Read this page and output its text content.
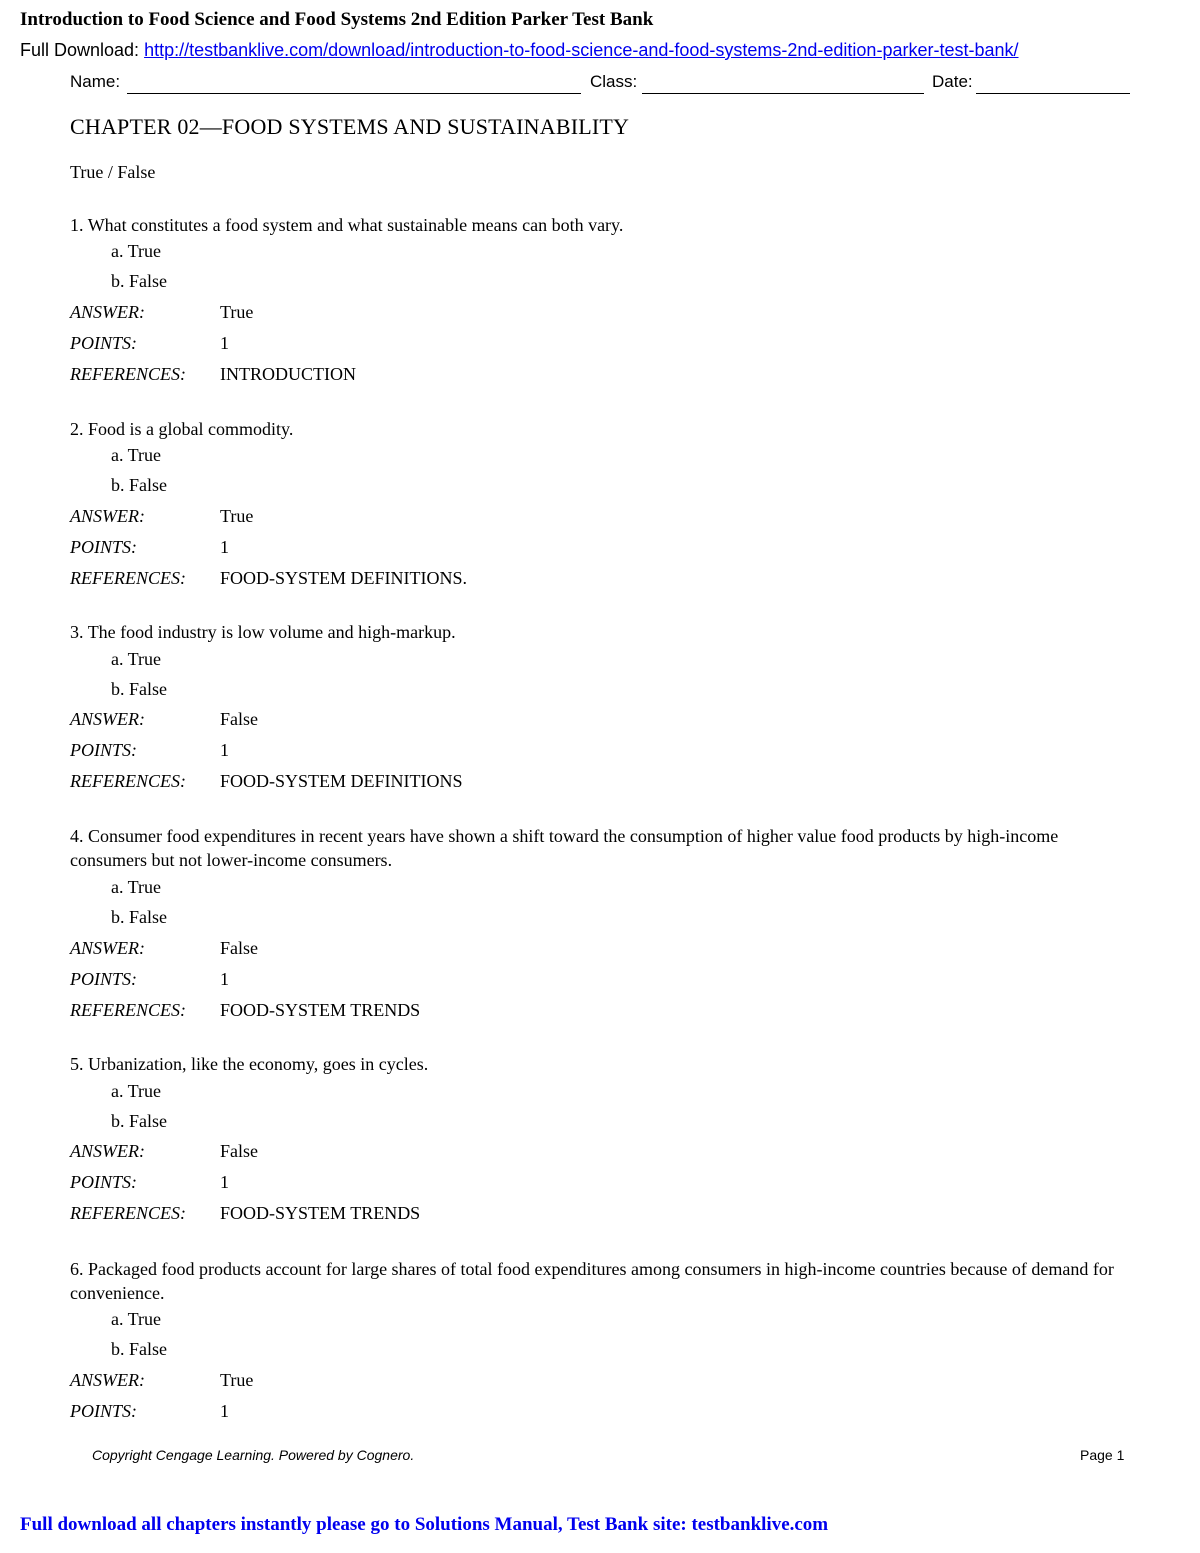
Introduction to Food Science and Food Systems 2nd Edition Parker Test Bank
Full Download: http://testbanklive.com/download/introduction-to-food-science-and-food-systems-2nd-edition-parker-test-bank/
Name:	Class:	Date:
CHAPTER 02—FOOD SYSTEMS AND SUSTAINABILITY
True / False
1. What constitutes a food system and what sustainable means can both vary.
a. True
b. False
ANSWER:	True
POINTS:	1
REFERENCES: INTRODUCTION
2. Food is a global commodity.
a. True
b. False
ANSWER:	True
POINTS:	1
REFERENCES: FOOD-SYSTEM DEFINITIONS.
3. The food industry is low volume and high-markup.
a. True
b. False
ANSWER:	False
POINTS:	1
REFERENCES: FOOD-SYSTEM DEFINITIONS
4. Consumer food expenditures in recent years have shown a shift toward the consumption of higher value food products by high-income consumers but not lower-income consumers.
a. True
b. False
ANSWER:	False
POINTS:	1
REFERENCES: FOOD-SYSTEM TRENDS
5. Urbanization, like the economy, goes in cycles.
a. True
b. False
ANSWER:	False
POINTS:	1
REFERENCES: FOOD-SYSTEM TRENDS
6. Packaged food products account for large shares of total food expenditures among consumers in high-income countries because of demand for convenience.
a. True
b. False
ANSWER:	True
POINTS:	1
Copyright Cengage Learning. Powered by Cognero.	Page 1
Full download all chapters instantly please go to Solutions Manual, Test Bank site: testbanklive.com
